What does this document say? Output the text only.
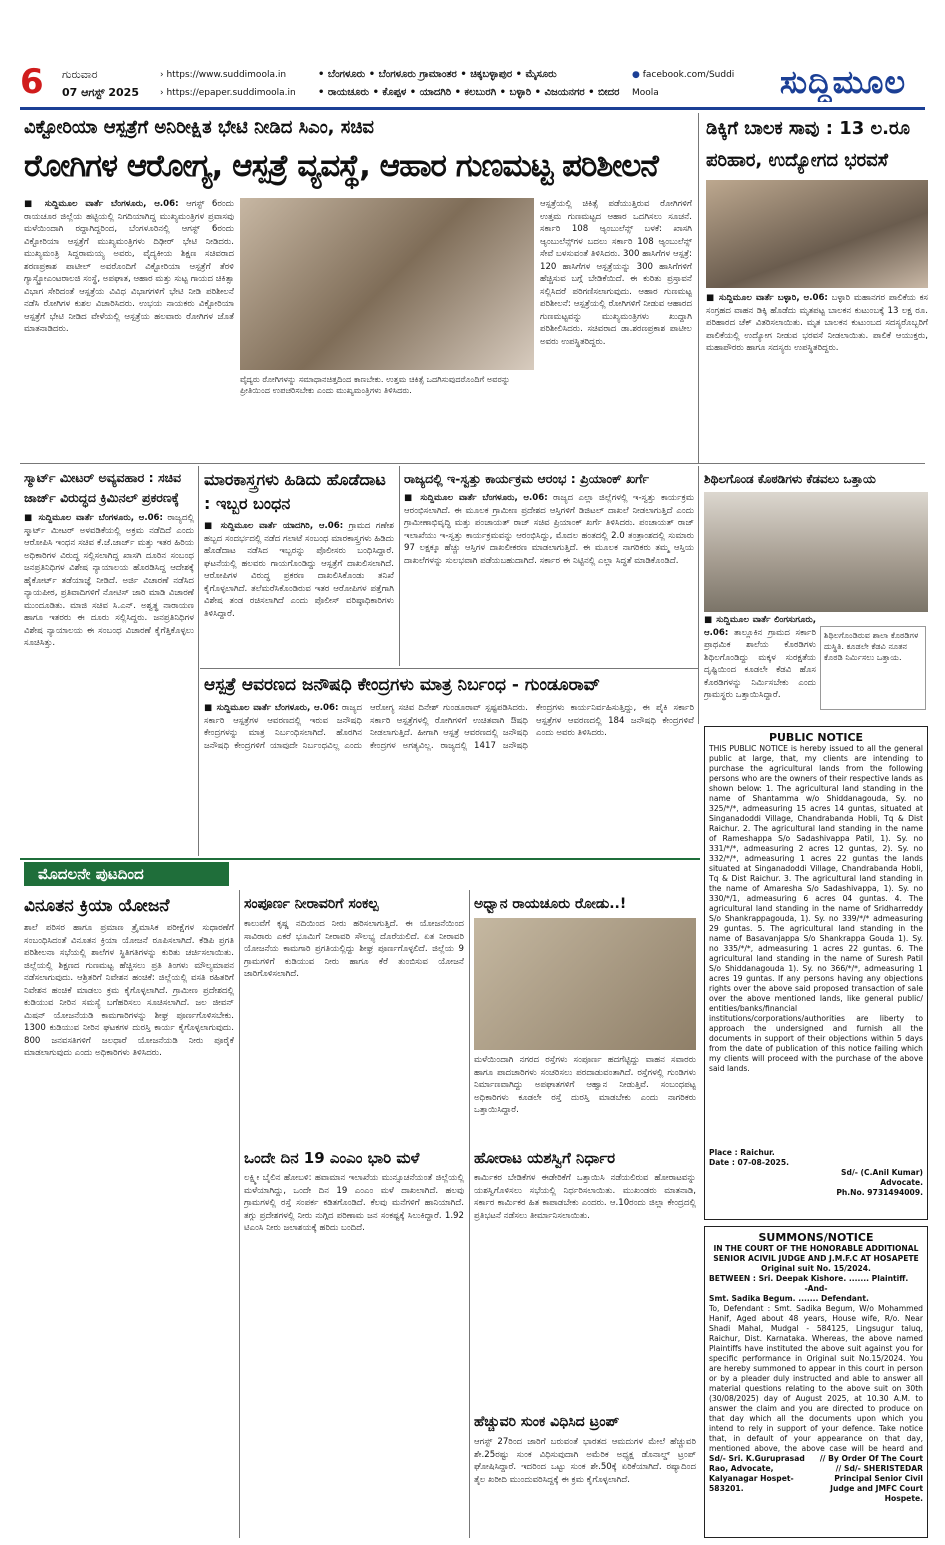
6	ಗುರುವಾರ
07 ಆಗಸ್ಟ್ 2025
› https://www.suddimoola.in
› https://epaper.suddimoola.in
• ಬೆಂಗಳೂರು • ಬೆಂಗಳೂರು ಗ್ರಾಮಾಂತರ • ಚಿಕ್ಕಬಳ್ಳಾಪುರ • ಮೈಸೂರು
• ರಾಯಚೂರು • ಕೊಪ್ಪಳ • ಯಾದಗಿರಿ • ಕಲಬುರಗಿ • ಬಳ್ಳಾರಿ • ವಿಜಯನಗರ • ಬೀದರ
● facebook.com/Suddi Moola	ಸುದ್ದಿಮೂಲ
ವಿಕ್ಟೋರಿಯಾ ಆಸ್ಪತ್ರೆಗೆ ಅನಿರೀಕ್ಷಿತ ಭೇಟಿ ನೀಡಿದ ಸಿಎಂ, ಸಚಿವ
ರೋಗಿಗಳ ಆರೋಗ್ಯ, ಆಸ್ಪತ್ರೆ ವ್ಯವಸ್ಥೆ, ಆಹಾರ ಗುಣಮಟ್ಟ ಪರಿಶೀಲನೆ
■ ಸುದ್ದಿಮೂಲ ವಾರ್ತೆ ಬೆಂಗಳೂರು, ಆ.06: ಆಗಸ್ಟ್ 6ರಂದು ರಾಯಚೂರ ಜಿಲ್ಲೆಯ ಹಟ್ಟಿಯಲ್ಲಿ ನಿಗದಿಯಾಗಿದ್ದ ಮುಖ್ಯಮಂತ್ರಿಗಳ ಪ್ರವಾಸವು ಮಳೆಯಿಂದಾಗಿ ರದ್ದಾಗಿದ್ದರಿಂದ, ಬೆಂಗಳೂರಿನಲ್ಲಿ ಆಗಸ್ಟ್ 6ರಂದು ವಿಕ್ಟೋರಿಯಾ ಆಸ್ಪತ್ರೆಗೆ ಮುಖ್ಯಮಂತ್ರಿಗಳು ದಿಢೀರ್ ಭೇಟಿ ನೀಡಿದರು. ಮುಖ್ಯಮಂತ್ರಿ ಸಿದ್ದರಾಮಯ್ಯ ಅವರು, ವೈದ್ಯಕೀಯ ಶಿಕ್ಷಣ ಸಚಿವರಾದ ಶರಣಪ್ರಕಾಶ ಪಾಟೀಲ್ ಅವರೊಂದಿಗೆ ವಿಕ್ಟೋರಿಯಾ ಆಸ್ಪತ್ರೆಗೆ ತೆರಳಿ ಗ್ಯಾಸ್ಟ್ರೋಎಂಟರಾಲಜಿ ಸಂಸ್ಥೆ, ಅಪಘಾತ, ಆಹಾರ ಮತ್ತು ಸುಟ್ಟ ಗಾಯದ ಚಿಕಿತ್ಸಾ ವಿಭಾಗ ಸೇರಿದಂತೆ ಆಸ್ಪತ್ರೆಯ ವಿವಿಧ ವಿಭಾಗಗಳಿಗೆ ಭೇಟಿ ನೀಡಿ ಪರಿಶೀಲನೆ ನಡೆಸಿ ರೋಗಿಗಳ ಕುಶಲ ವಿಚಾರಿಸಿದರು. ಉಭಯ ನಾಯಕರು ವಿಕ್ಟೋರಿಯಾ ಆಸ್ಪತ್ರೆಗೆ ಭೇಟಿ ನೀಡಿದ ವೇಳೆಯಲ್ಲಿ ಆಸ್ಪತ್ರೆಯ ಹಲವಾರು ರೋಗಿಗಳ ಜೊತೆ ಮಾತನಾಡಿದರು.
ವೈದ್ಯರು ರೋಗಿಗಳನ್ನು ಸಮಾಧಾನಚಿತ್ತದಿಂದ ಕಾಣಬೇಕು. ಉತ್ತಮ ಚಿಕಿತ್ಸೆ ಒದಗಿಸುವುದರೊಂದಿಗೆ ಅವರನ್ನು ಪ್ರೀತಿಯಿಂದ ಉಪಚರಿಸಬೇಕು ಎಂದು ಮುಖ್ಯಮಂತ್ರಿಗಳು ತಿಳಿಸಿದರು.
ಆಸ್ಪತ್ರೆಯಲ್ಲಿ ಚಿಕಿತ್ಸೆ ಪಡೆಯುತ್ತಿರುವ ರೋಗಿಗಳಿಗೆ ಉತ್ತಮ ಗುಣಮಟ್ಟದ ಆಹಾರ ಒದಗಿಸಲು ಸೂಚನೆ. ಸರ್ಕಾರಿ 108 ಆ್ಯಂಬುಲೆನ್ಸ್ ಬಳಕೆ: ಖಾಸಗಿ ಆ್ಯಂಬುಲೆನ್ಸ್‌ಗಳ ಬದಲು ಸರ್ಕಾರಿ 108 ಆ್ಯಂಬುಲೆನ್ಸ್ ಸೇವೆ ಬಳಸುವಂತೆ ತಿಳಿಸಿದರು. 300 ಹಾಸಿಗೆಗಳ ಆಸ್ಪತ್ರೆ: 120 ಹಾಸಿಗೆಗಳ ಆಸ್ಪತ್ರೆಯನ್ನು 300 ಹಾಸಿಗೆಗಳಿಗೆ ಹೆಚ್ಚಿಸುವ ಬಗ್ಗೆ ಬೇಡಿಕೆಯಿದೆ. ಈ ಕುರಿತು ಪ್ರಸ್ತಾವನೆ ಸಲ್ಲಿಸಿದರೆ ಪರಿಗಣಿಸಲಾಗುವುದು. ಆಹಾರ ಗುಣಮಟ್ಟ ಪರಿಶೀಲನೆ: ಆಸ್ಪತ್ರೆಯಲ್ಲಿ ರೋಗಿಗಳಿಗೆ ನೀಡುವ ಆಹಾರದ ಗುಣಮಟ್ಟವನ್ನು ಮುಖ್ಯಮಂತ್ರಿಗಳು ಖುದ್ದಾಗಿ ಪರಿಶೀಲಿಸಿದರು. ಸಚಿವರಾದ ಡಾ.ಶರಣಪ್ರಕಾಶ ಪಾಟೀಲ ಅವರು ಉಪಸ್ಥಿತರಿದ್ದರು.
ಡಿಕ್ಕಿಗೆ ಬಾಲಕ ಸಾವು : 13 ಲ.ರೂ ಪರಿಹಾರ, ಉದ್ಯೋಗದ ಭರವಸೆ
■ ಸುದ್ದಿಮೂಲ ವಾರ್ತೆ ಬಳ್ಳಾರಿ, ಆ.06: ಬಳ್ಳಾರಿ ಮಹಾನಗರ ಪಾಲಿಕೆಯ ಕಸ ಸಂಗ್ರಹದ ವಾಹನ ಡಿಕ್ಕಿ ಹೊಡೆದು ಮೃತಪಟ್ಟ ಬಾಲಕನ ಕುಟುಂಬಕ್ಕೆ 13 ಲಕ್ಷ ರೂ. ಪರಿಹಾರದ ಚೆಕ್ ವಿತರಿಸಲಾಯಿತು. ಮೃತ ಬಾಲಕನ ಕುಟುಂಬದ ಸದಸ್ಯರೊಬ್ಬರಿಗೆ ಪಾಲಿಕೆಯಲ್ಲಿ ಉದ್ಯೋಗ ನೀಡುವ ಭರವಸೆ ನೀಡಲಾಯಿತು. ಪಾಲಿಕೆ ಆಯುಕ್ತರು, ಮಹಾಪೌರರು ಹಾಗೂ ಸದಸ್ಯರು ಉಪಸ್ಥಿತರಿದ್ದರು.
ಸ್ಮಾರ್ಟ್ ಮೀಟರ್ ಅವ್ಯವಹಾರ : ಸಚಿವ ಜಾರ್ಜ್ ವಿರುದ್ಧದ ಕ್ರಿಮಿನಲ್ ಪ್ರಕರಣಕ್ಕೆ
■ ಸುದ್ದಿಮೂಲ ವಾರ್ತೆ ಬೆಂಗಳೂರು, ಆ.06: ರಾಜ್ಯದಲ್ಲಿ ಸ್ಮಾರ್ಟ್ ಮೀಟರ್ ಅಳವಡಿಕೆಯಲ್ಲಿ ಅಕ್ರಮ ನಡೆದಿದೆ ಎಂದು ಆರೋಪಿಸಿ ಇಂಧನ ಸಚಿವ ಕೆ.ಜೆ.ಜಾರ್ಜ್ ಮತ್ತು ಇತರ ಹಿರಿಯ ಅಧಿಕಾರಿಗಳ ವಿರುದ್ಧ ಸಲ್ಲಿಸಲಾಗಿದ್ದ ಖಾಸಗಿ ದೂರಿನ ಸಂಬಂಧ ಜನಪ್ರತಿನಿಧಿಗಳ ವಿಶೇಷ ನ್ಯಾಯಾಲಯ ಹೊರಡಿಸಿದ್ದ ಆದೇಶಕ್ಕೆ ಹೈಕೋರ್ಟ್ ತಡೆಯಾಜ್ಞೆ ನೀಡಿದೆ. ಅರ್ಜಿ ವಿಚಾರಣೆ ನಡೆಸಿದ ನ್ಯಾಯಪೀಠ, ಪ್ರತಿವಾದಿಗಳಿಗೆ ನೋಟಿಸ್ ಜಾರಿ ಮಾಡಿ ವಿಚಾರಣೆ ಮುಂದೂಡಿತು. ಮಾಜಿ ಸಚಿವ ಸಿ.ಎನ್. ಅಶ್ವತ್ಥ ನಾರಾಯಣ ಹಾಗೂ ಇತರರು ಈ ದೂರು ಸಲ್ಲಿಸಿದ್ದರು. ಜನಪ್ರತಿನಿಧಿಗಳ ವಿಶೇಷ ನ್ಯಾಯಾಲಯ ಈ ಸಂಬಂಧ ವಿಚಾರಣೆ ಕೈಗೆತ್ತಿಕೊಳ್ಳಲು ಸೂಚಿಸಿತ್ತು.
ಮಾರಕಾಸ್ತ್ರಗಳು ಹಿಡಿದು ಹೊಡೆದಾಟ : ಇಬ್ಬರ ಬಂಧನ
■ ಸುದ್ದಿಮೂಲ ವಾರ್ತೆ ಯಾದಗಿರಿ, ಆ.06: ಗ್ರಾಮದ ಗಣೇಶ ಹಬ್ಬದ ಸಂದರ್ಭದಲ್ಲಿ ನಡೆದ ಗಲಾಟೆ ಸಂಬಂಧ ಮಾರಕಾಸ್ತ್ರಗಳು ಹಿಡಿದು ಹೊಡೆದಾಟ ನಡೆಸಿದ ಇಬ್ಬರನ್ನು ಪೊಲೀಸರು ಬಂಧಿಸಿದ್ದಾರೆ. ಘಟನೆಯಲ್ಲಿ ಹಲವರು ಗಾಯಗೊಂಡಿದ್ದು ಆಸ್ಪತ್ರೆಗೆ ದಾಖಲಿಸಲಾಗಿದೆ. ಆರೋಪಿಗಳ ವಿರುದ್ಧ ಪ್ರಕರಣ ದಾಖಲಿಸಿಕೊಂಡು ತನಿಖೆ ಕೈಗೊಳ್ಳಲಾಗಿದೆ. ತಲೆಮರೆಸಿಕೊಂಡಿರುವ ಇತರ ಆರೋಪಿಗಳ ಪತ್ತೆಗಾಗಿ ವಿಶೇಷ ತಂಡ ರಚಿಸಲಾಗಿದೆ ಎಂದು ಪೊಲೀಸ್ ವರಿಷ್ಠಾಧಿಕಾರಿಗಳು ತಿಳಿಸಿದ್ದಾರೆ.
ರಾಜ್ಯದಲ್ಲಿ ಇ-ಸ್ವತ್ತು ಕಾರ್ಯಕ್ರಮ ಆರಂಭ : ಪ್ರಿಯಾಂಕ್ ಖರ್ಗೆ
■ ಸುದ್ದಿಮೂಲ ವಾರ್ತೆ ಬೆಂಗಳೂರು, ಆ.06: ರಾಜ್ಯದ ಎಲ್ಲಾ ಜಿಲ್ಲೆಗಳಲ್ಲಿ ಇ-ಸ್ವತ್ತು ಕಾರ್ಯಕ್ರಮ ಆರಂಭಿಸಲಾಗಿದೆ. ಈ ಮೂಲಕ ಗ್ರಾಮೀಣ ಪ್ರದೇಶದ ಆಸ್ತಿಗಳಿಗೆ ಡಿಜಿಟಲ್ ದಾಖಲೆ ನೀಡಲಾಗುತ್ತಿದೆ ಎಂದು ಗ್ರಾಮೀಣಾಭಿವೃದ್ಧಿ ಮತ್ತು ಪಂಚಾಯತ್ ರಾಜ್ ಸಚಿವ ಪ್ರಿಯಾಂಕ್ ಖರ್ಗೆ ತಿಳಿಸಿದರು. ಪಂಚಾಯತ್ ರಾಜ್ ಇಲಾಖೆಯು ಇ-ಸ್ವತ್ತು ಕಾರ್ಯಕ್ರಮವನ್ನು ಆರಂಭಿಸಿದ್ದು, ಮೊದಲ ಹಂತದಲ್ಲಿ 2.0 ತಂತ್ರಾಂಶದಲ್ಲಿ ಸುಮಾರು 97 ಲಕ್ಷಕ್ಕೂ ಹೆಚ್ಚು ಆಸ್ತಿಗಳ ದಾಖಲೀಕರಣ ಮಾಡಲಾಗುತ್ತಿದೆ. ಈ ಮೂಲಕ ನಾಗರಿಕರು ತಮ್ಮ ಆಸ್ತಿಯ ದಾಖಲೆಗಳನ್ನು ಸುಲಭವಾಗಿ ಪಡೆಯಬಹುದಾಗಿದೆ. ಸರ್ಕಾರ ಈ ನಿಟ್ಟಿನಲ್ಲಿ ಎಲ್ಲಾ ಸಿದ್ಧತೆ ಮಾಡಿಕೊಂಡಿದೆ.
ಶಿಥಿಲಗೊಂಡ ಕೊಠಡಿಗಳು ಕೆಡವಲು ಒತ್ತಾಯ
■ ಸುದ್ದಿಮೂಲ ವಾರ್ತೆ ಲಿಂಗಸುಗೂರು, ಆ.06: ತಾಲ್ಲೂಕಿನ ಗ್ರಾಮದ ಸರ್ಕಾರಿ ಪ್ರಾಥಮಿಕ ಶಾಲೆಯ ಕೊಠಡಿಗಳು ಶಿಥಿಲಗೊಂಡಿದ್ದು ಮಕ್ಕಳ ಸುರಕ್ಷತೆಯ ದೃಷ್ಟಿಯಿಂದ ಕೂಡಲೇ ಕೆಡವಿ ಹೊಸ ಕೊಠಡಿಗಳನ್ನು ನಿರ್ಮಿಸಬೇಕು ಎಂದು ಗ್ರಾಮಸ್ಥರು ಒತ್ತಾಯಿಸಿದ್ದಾರೆ.
ಶಿಥಿಲಗೊಂಡಿರುವ ಶಾಲಾ ಕೊಠಡಿಗಳ ದುಸ್ಥಿತಿ. ಕೂಡಲೇ ಕೆಡವಿ ನೂತನ ಕೊಠಡಿ ನಿರ್ಮಿಸಲು ಒತ್ತಾಯ.
ಆಸ್ಪತ್ರೆ ಆವರಣದ ಜನೌಷಧಿ ಕೇಂದ್ರಗಳು ಮಾತ್ರ ನಿರ್ಬಂಧ - ಗುಂಡೂರಾವ್
■ ಸುದ್ದಿಮೂಲ ವಾರ್ತೆ ಬೆಂಗಳೂರು, ಆ.06: ರಾಜ್ಯದ ಸರ್ಕಾರಿ ಆಸ್ಪತ್ರೆಗಳ ಆವರಣದಲ್ಲಿ ಇರುವ ಜನೌಷಧಿ ಕೇಂದ್ರಗಳನ್ನು ಮಾತ್ರ ನಿರ್ಬಂಧಿಸಲಾಗಿದೆ. ಹೊರಗಿನ ಜನೌಷಧಿ ಕೇಂದ್ರಗಳಿಗೆ ಯಾವುದೇ ನಿರ್ಬಂಧವಿಲ್ಲ ಎಂದು ಆರೋಗ್ಯ ಸಚಿವ ದಿನೇಶ್ ಗುಂಡೂರಾವ್ ಸ್ಪಷ್ಟಪಡಿಸಿದರು. ಸರ್ಕಾರಿ ಆಸ್ಪತ್ರೆಗಳಲ್ಲಿ ರೋಗಿಗಳಿಗೆ ಉಚಿತವಾಗಿ ಔಷಧಿ ನೀಡಲಾಗುತ್ತಿದೆ. ಹೀಗಾಗಿ ಆಸ್ಪತ್ರೆ ಆವರಣದಲ್ಲಿ ಜನೌಷಧಿ ಕೇಂದ್ರಗಳ ಅಗತ್ಯವಿಲ್ಲ. ರಾಜ್ಯದಲ್ಲಿ 1417 ಜನೌಷಧಿ ಕೇಂದ್ರಗಳು ಕಾರ್ಯನಿರ್ವಹಿಸುತ್ತಿದ್ದು, ಈ ಪೈಕಿ ಸರ್ಕಾರಿ ಆಸ್ಪತ್ರೆಗಳ ಆವರಣದಲ್ಲಿ 184 ಜನೌಷಧಿ ಕೇಂದ್ರಗಳಿವೆ ಎಂದು ಅವರು ತಿಳಿಸಿದರು.	PUBLIC NOTICE
THIS PUBLIC NOTICE is hereby issued to all the general public at large, that, my clients are intending to purchase the agricultural lands from the following persons who are the owners of their respective lands as shown below: 1. The agricultural land standing in the name of Shantamma w/o Shiddanagouda, Sy. no 325/*/*, admeasuring 15 acres 14 guntas, situated at Singanadoddi Village, Chandrabanda Hobli, Tq & Dist Raichur. 2. The agricultural land standing in the name of Rameshappa S/o Sadashivappa Patil, 1). Sy. no 331/*/*, admeasuring 2 acres 12 guntas, 2). Sy. no 332/*/*, admeasuring 1 acres 22 guntas the lands situated at Singanadoddi Village, Chandrabanda Hobli, Tq & Dist Raichur. 3. The agricultural land standing in the name of Amaresha S/o Sadashivappa, 1). Sy. no 330/*/1, admeasuring 6 acres 04 guntas. 4. The agricultural land standing in the name of Sridharreddy S/o Shankrappagouda, 1). Sy. no 339/*/* admeasuring 29 guntas. 5. The agricultural land standing in the name of Basavanjappa S/o Shankrappa Gouda 1). Sy. no 335/*/*, admeasuring 1 acres 22 guntas. 6. The agricultural land standing in the name of Suresh Patil S/o Shiddanagouda 1). Sy. no 366/*/*, admeasuring 1 acres 19 guntas. If any persons having any objections rights over the above said proposed transaction of sale over the above mentioned lands, like general public/ entities/banks/financial institutions/corporations/authorities are liberty to approach the undersigned and furnish all the documents in support of their objections within 5 days from the date of publication of this notice failing which my clients will proceed with the purchase of the above said lands.
Place : Raichur.
Date : 07-08-2025.
Sd/- (C.Anil Kumar)
Advocate.
Ph.No. 9731494009.
ಮೊದಲನೇ ಪುಟದಿಂದ
ವಿನೂತನ ಕ್ರಿಯಾ ಯೋಜನೆ
ಶಾಲೆ ಪರಿಸರ ಹಾಗೂ ಪ್ರಮಾಣ ತ್ರೈಮಾಸಿಕ ಪರೀಕ್ಷೆಗಳ ಸುಧಾರಣೆಗೆ ಸಂಬಂಧಿಸಿದಂತೆ ವಿನೂತನ ಕ್ರಿಯಾ ಯೋಜನೆ ರೂಪಿಸಲಾಗಿದೆ. ಕೆಡಿಪಿ ಪ್ರಗತಿ ಪರಿಶೀಲನಾ ಸಭೆಯಲ್ಲಿ ಶಾಲೆಗಳ ಸ್ಥಿತಿಗತಿಗಳನ್ನು ಕುರಿತು ಚರ್ಚಿಸಲಾಯಿತು. ಜಿಲ್ಲೆಯಲ್ಲಿ ಶಿಕ್ಷಣದ ಗುಣಮಟ್ಟ ಹೆಚ್ಚಿಸಲು ಪ್ರತಿ ತಿಂಗಳು ಮೌಲ್ಯಮಾಪನ ನಡೆಸಲಾಗುವುದು. ಆಶ್ರಿತರಿಗೆ ನಿವೇಶನ ಹಂಚಿಕೆ: ಜಿಲ್ಲೆಯಲ್ಲಿ ವಸತಿ ರಹಿತರಿಗೆ ನಿವೇಶನ ಹಂಚಿಕೆ ಮಾಡಲು ಕ್ರಮ ಕೈಗೊಳ್ಳಲಾಗಿದೆ. ಗ್ರಾಮೀಣ ಪ್ರದೇಶದಲ್ಲಿ ಕುಡಿಯುವ ನೀರಿನ ಸಮಸ್ಯೆ ಬಗೆಹರಿಸಲು ಸೂಚಿಸಲಾಗಿದೆ. ಜಲ ಜೀವನ್ ಮಿಷನ್ ಯೋಜನೆಯಡಿ ಕಾಮಗಾರಿಗಳನ್ನು ಶೀಘ್ರ ಪೂರ್ಣಗೊಳಿಸಬೇಕು. 1300 ಕುಡಿಯುವ ನೀರಿನ ಘಟಕಗಳ ದುರಸ್ತಿ ಕಾರ್ಯ ಕೈಗೊಳ್ಳಲಾಗುವುದು. 800 ಜನವಸತಿಗಳಿಗೆ ಜಲಧಾರೆ ಯೋಜನೆಯಡಿ ನೀರು ಪೂರೈಕೆ ಮಾಡಲಾಗುವುದು ಎಂದು ಅಧಿಕಾರಿಗಳು ತಿಳಿಸಿದರು.
ಸಂಪೂರ್ಣ ನೀರಾವರಿಗೆ ಸಂಕಲ್ಪ
ಕಾಲುವೆಗೆ ಕೃಷ್ಣ ನದಿಯಿಂದ ನೀರು ಹರಿಸಲಾಗುತ್ತಿದೆ. ಈ ಯೋಜನೆಯಿಂದ ಸಾವಿರಾರು ಎಕರೆ ಭೂಮಿಗೆ ನೀರಾವರಿ ಸೌಲಭ್ಯ ದೊರೆಯಲಿದೆ. ಏತ ನೀರಾವರಿ ಯೋಜನೆಯ ಕಾಮಗಾರಿ ಪ್ರಗತಿಯಲ್ಲಿದ್ದು ಶೀಘ್ರ ಪೂರ್ಣಗೊಳ್ಳಲಿದೆ. ಜಿಲ್ಲೆಯ 9 ಗ್ರಾಮಗಳಿಗೆ ಕುಡಿಯುವ ನೀರು ಹಾಗೂ ಕೆರೆ ತುಂಬಿಸುವ ಯೋಜನೆ ಜಾರಿಗೊಳಿಸಲಾಗಿದೆ.
ಅಧ್ವಾನ ರಾಯಚೂರು ರೋಡು..!
ಮಳೆಯಿಂದಾಗಿ ನಗರದ ರಸ್ತೆಗಳು ಸಂಪೂರ್ಣ ಹದಗೆಟ್ಟಿದ್ದು ವಾಹನ ಸವಾರರು ಹಾಗೂ ಪಾದಚಾರಿಗಳು ಸಂಚರಿಸಲು ಪರದಾಡುವಂತಾಗಿದೆ. ರಸ್ತೆಗಳಲ್ಲಿ ಗುಂಡಿಗಳು ನಿರ್ಮಾಣವಾಗಿದ್ದು ಅಪಘಾತಗಳಿಗೆ ಆಹ್ವಾನ ನೀಡುತ್ತಿವೆ. ಸಂಬಂಧಪಟ್ಟ ಅಧಿಕಾರಿಗಳು ಕೂಡಲೇ ರಸ್ತೆ ದುರಸ್ತಿ ಮಾಡಬೇಕು ಎಂದು ನಾಗರಿಕರು ಒತ್ತಾಯಿಸಿದ್ದಾರೆ.
ಒಂದೇ ದಿನ 19 ಎಂಎಂ ಭಾರಿ ಮಳೆ
ಲಕ್ಷ್ಮೀ ಬೈಲಿನ ಹೋಬಳಿ: ಹವಾಮಾನ ಇಲಾಖೆಯ ಮುನ್ಸೂಚನೆಯಂತೆ ಜಿಲ್ಲೆಯಲ್ಲಿ ಮಳೆಯಾಗಿದ್ದು, ಒಂದೇ ದಿನ 19 ಎಂಎಂ ಮಳೆ ದಾಖಲಾಗಿದೆ. ಹಲವು ಗ್ರಾಮಗಳಲ್ಲಿ ರಸ್ತೆ ಸಂಪರ್ಕ ಕಡಿತಗೊಂಡಿದೆ. ಕೆಲವು ಮನೆಗಳಿಗೆ ಹಾನಿಯಾಗಿದೆ. ತಗ್ಗು ಪ್ರದೇಶಗಳಲ್ಲಿ ನೀರು ನುಗ್ಗಿದ ಪರಿಣಾಮ ಜನ ಸಂಕಷ್ಟಕ್ಕೆ ಸಿಲುಕಿದ್ದಾರೆ. 1.92 ಟಿಎಂಸಿ ನೀರು ಜಲಾಶಯಕ್ಕೆ ಹರಿದು ಬಂದಿದೆ.
ಹೋರಾಟ ಯಶಸ್ವಿಗೆ ನಿರ್ಧಾರ
ಕಾರ್ಮಿಕರ ಬೇಡಿಕೆಗಳ ಈಡೇರಿಕೆಗೆ ಒತ್ತಾಯಿಸಿ ನಡೆಯಲಿರುವ ಹೋರಾಟವನ್ನು ಯಶಸ್ವಿಗೊಳಿಸಲು ಸಭೆಯಲ್ಲಿ ನಿರ್ಧರಿಸಲಾಯಿತು. ಮುಖಂಡರು ಮಾತನಾಡಿ, ಸರ್ಕಾರ ಕಾರ್ಮಿಕರ ಹಿತ ಕಾಪಾಡಬೇಕು ಎಂದರು. ಆ.10ರಂದು ಜಿಲ್ಲಾ ಕೇಂದ್ರದಲ್ಲಿ ಪ್ರತಿಭಟನೆ ನಡೆಸಲು ತೀರ್ಮಾನಿಸಲಾಯಿತು.
ಹೆಚ್ಚುವರಿ ಸುಂಕ ವಿಧಿಸಿದ ಟ್ರಂಪ್
ಆಗಸ್ಟ್ 27ರಿಂದ ಜಾರಿಗೆ ಬರುವಂತೆ ಭಾರತದ ಆಮದುಗಳ ಮೇಲೆ ಹೆಚ್ಚುವರಿ ಶೇ.25ರಷ್ಟು ಸುಂಕ ವಿಧಿಸುವುದಾಗಿ ಅಮೆರಿಕ ಅಧ್ಯಕ್ಷ ಡೊನಾಲ್ಡ್ ಟ್ರಂಪ್ ಘೋಷಿಸಿದ್ದಾರೆ. ಇದರಿಂದ ಒಟ್ಟು ಸುಂಕ ಶೇ.50ಕ್ಕೆ ಏರಿಕೆಯಾಗಿದೆ. ರಷ್ಯಾದಿಂದ ತೈಲ ಖರೀದಿ ಮುಂದುವರಿಸಿದ್ದಕ್ಕೆ ಈ ಕ್ರಮ ಕೈಗೊಳ್ಳಲಾಗಿದೆ.
SUMMONS/NOTICE
IN THE COURT OF THE HONORABLE ADDITIONAL SENIOR ACIVIL JUDGE AND J.M.F.C AT HOSAPETE
Original suit No. 15/2024.
BETWEEN : Sri. Deepak Kishore. ....... Plaintiff.
-And-
Smt. Sadika Begum. ....... Defendant.
To, Defendant : Smt. Sadika Begum, W/o Mohammed Hanif, Aged about 48 years, House wife, R/o. Near Shadi Mahal, Mudgal - 584125, Lingsugur taluq, Raichur, Dist. Karnataka. Whereas, the above named Plaintiffs have instituted the above suit against you for specific performance in Original suit No.15/2024. You are hereby summoned to appear in this court in person or by a pleader duly instructed and able to answer all material questions relating to the above suit on 30th (30/08/2025) day of August 2025, at 10.30 A.M. to answer the claim and you are directed to produce on that day which all the documents upon which you intend to rely in support of your defence. Take notice that, in default of your appearance on that day, mentioned above, the above case will be heard and
Sd/- Sri. K.Guruprasad Rao, Advocate, Kalyanagar Hospet-583201.
// By Order Of The Court // Sd/- SHERISTEDAR Principal Senior Civil Judge and JMFC Court Hospete.
